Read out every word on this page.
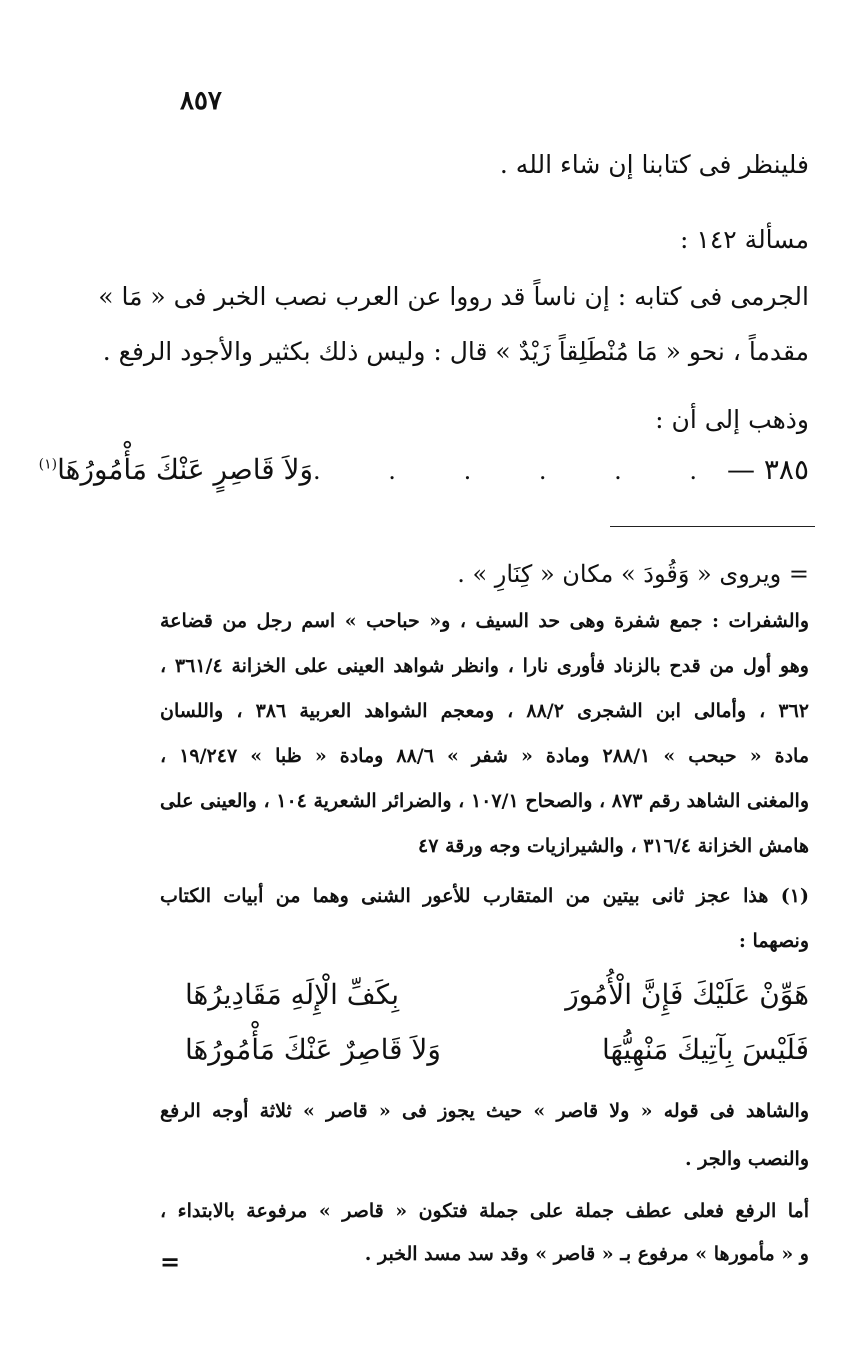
٨٥٧
فلينظر فى كتابنا إن شاء الله .
مسألة ١٤٢ :
الجرمى فى كتابه : إن ناساً قد رووا عن العرب نصب الخبر فى « مَا »
مقدماً ، نحو « مَا مُنْطَلِقاً زَيْدٌ » قال : وليس ذلك بكثير والأجود الرفع .
وذهب إلى أن :
٣٨٥ —
. . . . . .
وَلاَ قَاصِرٍ عَنْكَ مَأْمُورُهَا$^{(١)}$
= ويروى « وَقُودَ » مكان « كِنَارِ » .
والشفرات : جمع شفرة وهى حد السيف ، و« حباحب » اسم رجل من قضاعة
وهو أول من قدح بالزناد فأورى نارا ، وانظر شواهد العينى على الخزانة ٣٦١/٤ ،
٣٦٢ ، وأمالى ابن الشجرى ٨٨/٢ ، ومعجم الشواهد العربية ٣٨٦ ، واللسان
مادة « حبحب » ٢٨٨/١ ومادة « شفر » ٨٨/٦ ومادة « ظبا » ١٩/٢٤٧ ،
والمغنى الشاهد رقم ٨٧٣ ، والصحاح ١٠٧/١ ، والضرائر الشعرية ١٠٤ ، والعينى على
هامش الخزانة ٣١٦/٤ ، والشيرازيات وجه ورقة ٤٧
(١) هذا عجز ثانى بيتين من المتقارب للأعور الشنى وهما من أبيات الكتاب
ونصهما :
هَوِّنْ عَلَيْكَ فَإِنَّ الْأُمُورَ
بِكَفِّ الْإِلَهِ مَقَادِيرُهَا
فَلَيْسَ بِآتِيكَ مَنْهِيُّهَا
وَلاَ قَاصِرٌ عَنْكَ مَأْمُورُهَا
والشاهد فى قوله « ولا قاصر » حيث يجوز فى « قاصر » ثلاثة أوجه الرفع
والنصب والجر .
أما الرفع فعلى عطف جملة على جملة فتكون « قاصر » مرفوعة بالابتداء ،
و « مأمورها » مرفوع بـ « قاصر » وقد سد مسد الخبر .
=
